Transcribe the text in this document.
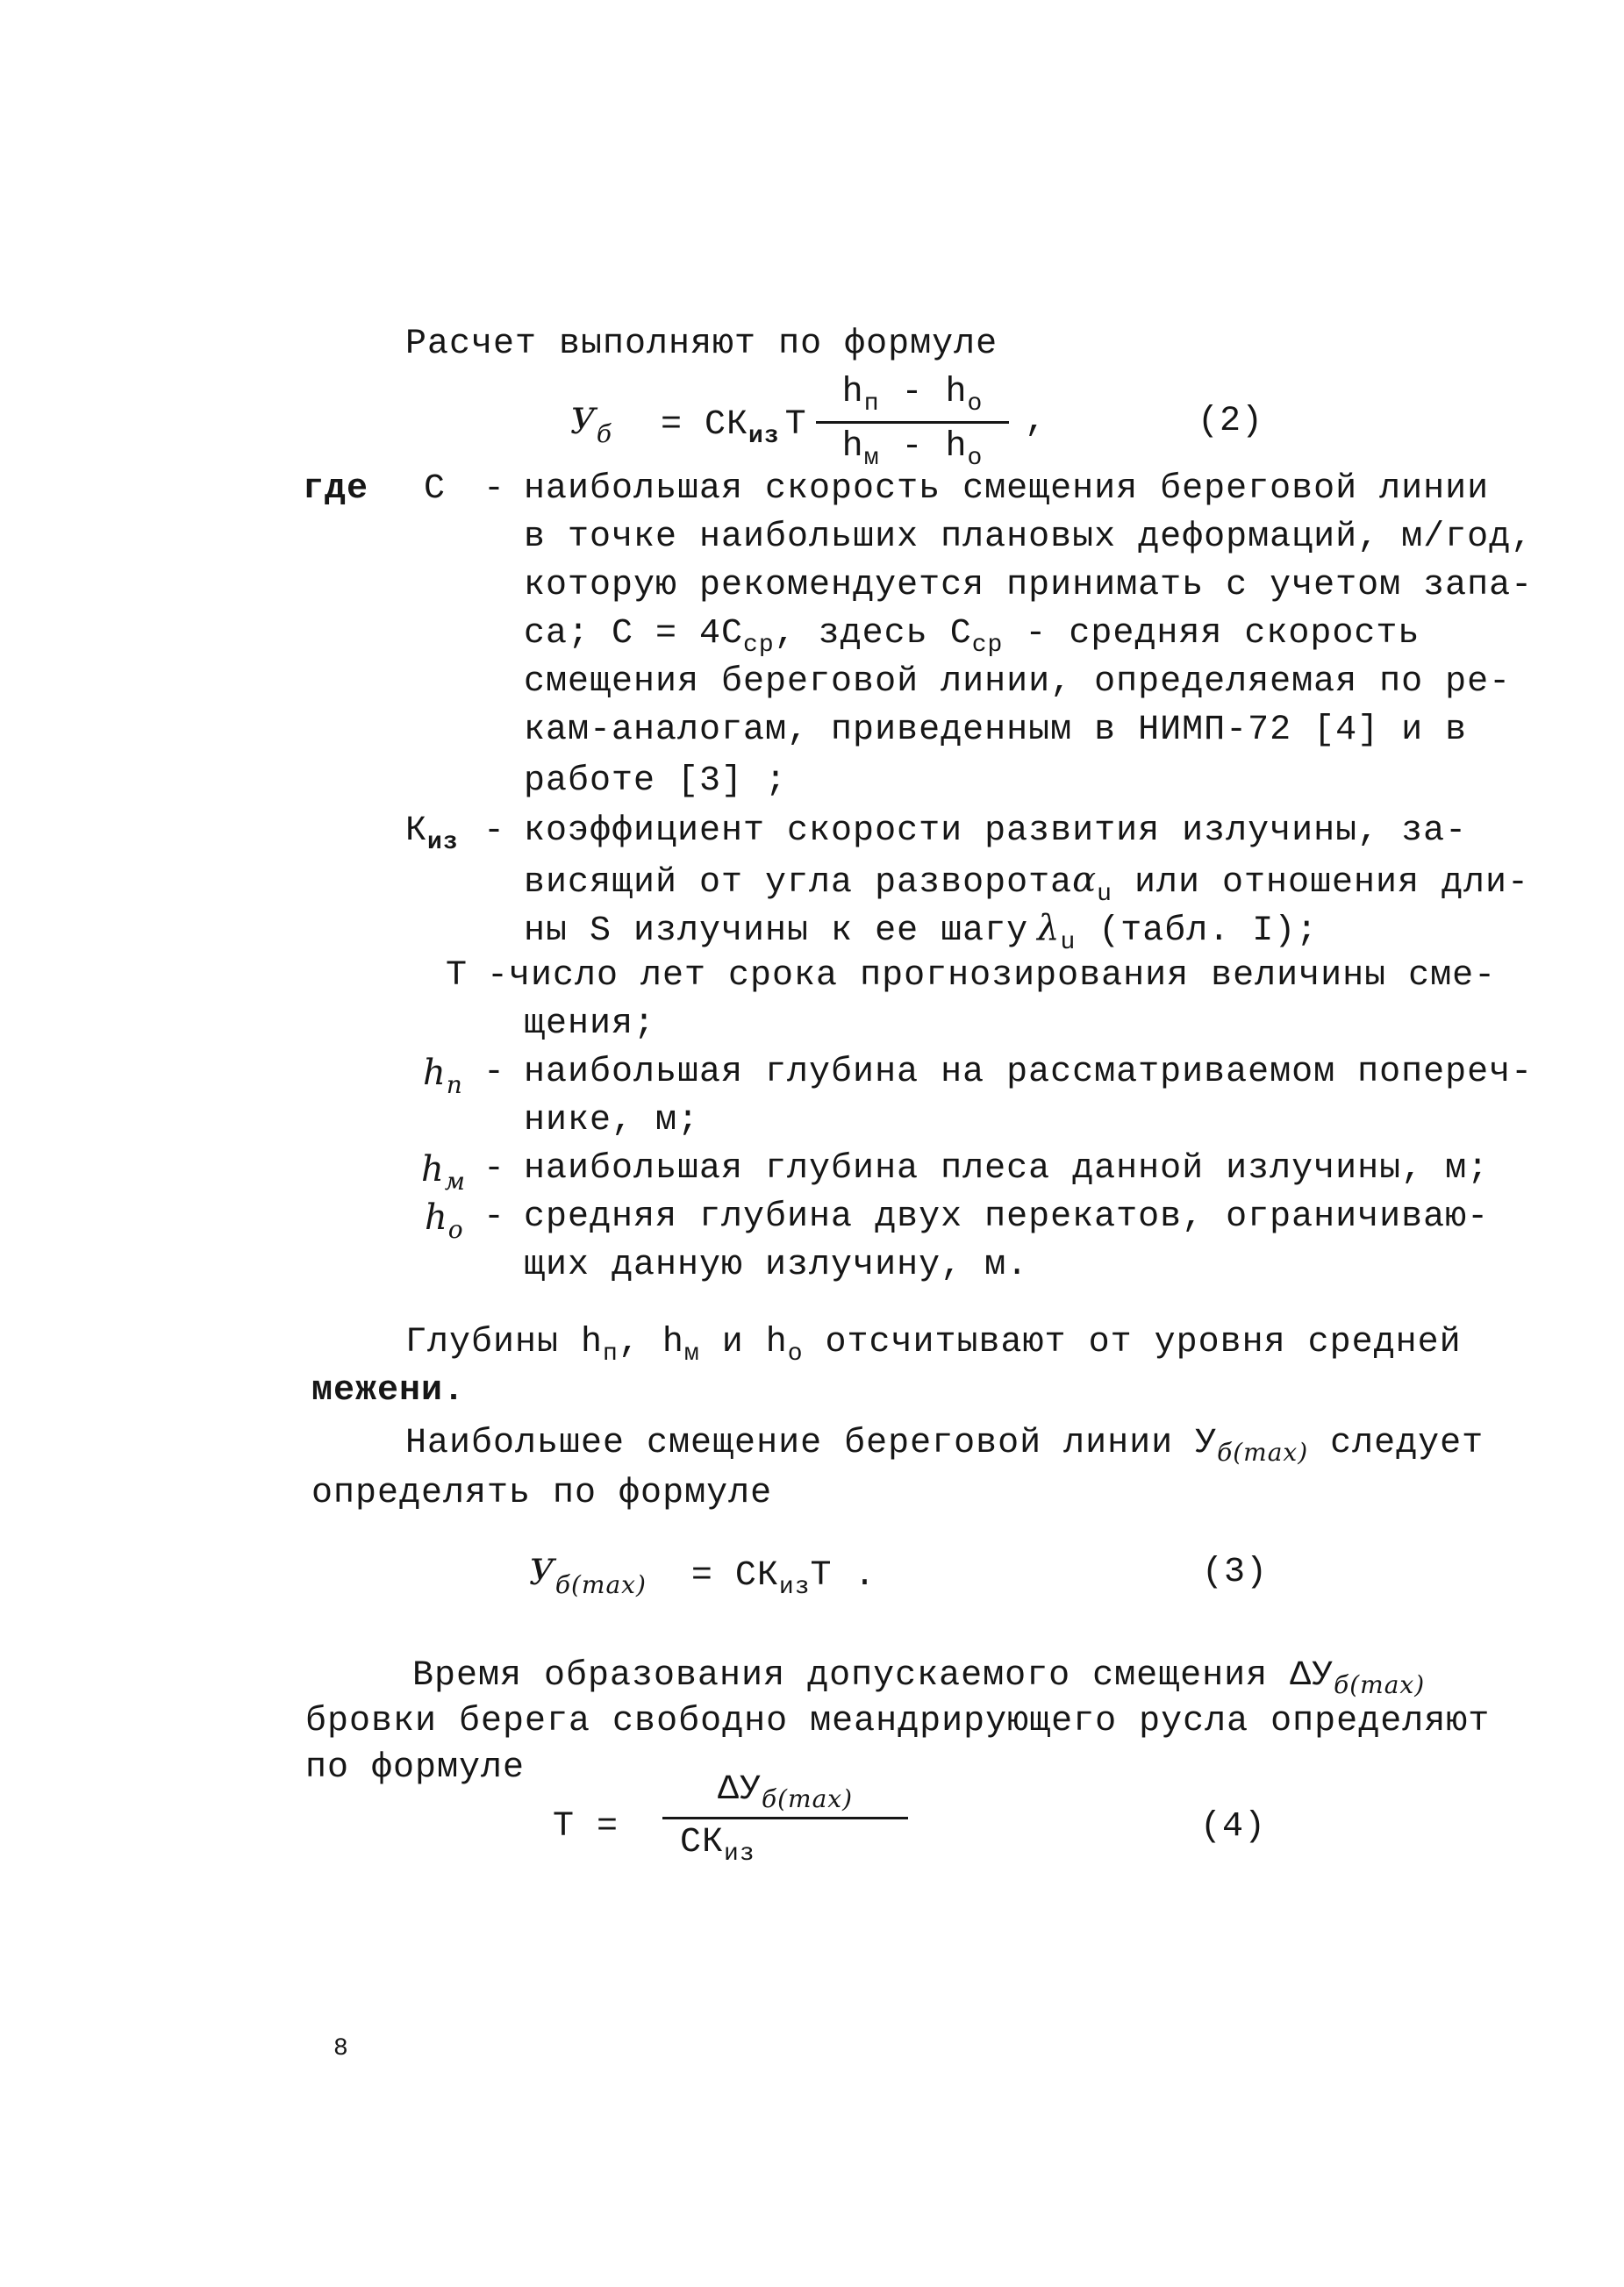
Расчет выполняют по формуле
$У_б = СК_{из}$ Т
$h_п - h_о$
$h_м - h_о$
,	(2)
где С - наибольшая скорость смещения береговой линии
в точке наибольших плановых деформаций, м/год,
которую рекомендуется принимать с учетом запа-
са; $С = 4С_{ср}$, здесь $С_{ср}$ - средняя скорость
смещения береговой линии, определяемая по ре-
кам-аналогам, приведенным в НИМП-72 [4] и в
работе [3] ;
$К_{из}$ - коэффициент скорости развития излучины, за-
висящий от угла разворотаα$_u$ или отношения дли-
ны S излучины к ее шагу $\lambda_u$ (табл. I);
Т - число лет срока прогнозирования величины сме-
щения;
$h_п$ - наибольшая глубина на рассматриваемом попереч-
нике, м;
$h_м$ - наибольшая глубина плеса данной излучины, м;
$h_о$ - средняя глубина двух перекатов, ограничиваю-
щих данную излучину, м.
Глубины $h_п$, $h_м$ и $h_о$ отсчитывают от уровня средней
межени.
Наибольшее смещение береговой линии $У_{б(max)}$ следует
определять по формуле
$У_{б(max)} = СК_{из}Т$ .	(3)
Время образования допускаемого смещения $\Delta У_{б(max)}$
бровки берега свободно меандрирующего русла определяют
по формуле
Т =
$\Delta У_{б(max)}$
$СК_{из}$
(4)
8
